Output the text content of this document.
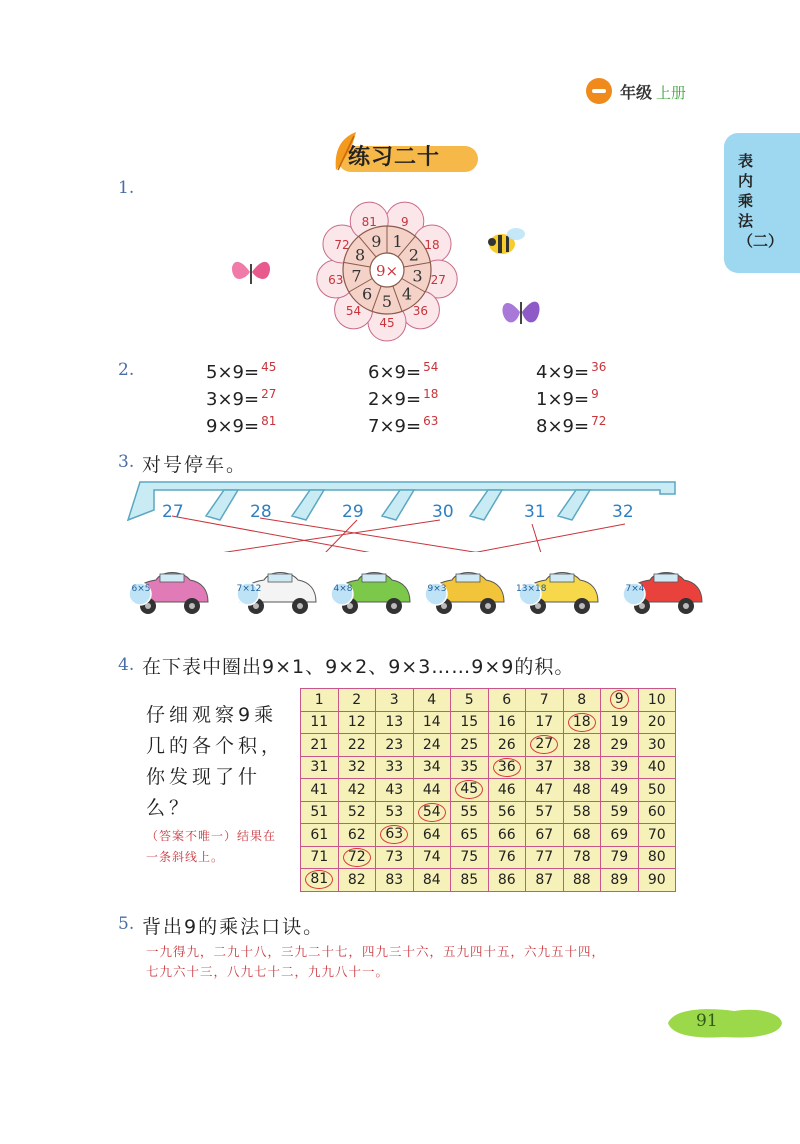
年级 上册
表内乘法（二）
练习二十
1.
9
18
27
36
45
54
63
72
81
1
2
3
4
5
6
7
8
9
9×
2.	5×9= $^{45}$	6×9= $^{54}$	4×9= $^{36}$
3×9= $^{27}$	2×9= $^{18}$	1×9= $^9$
9×9= $^{81}$	7×9= $^{63}$	8×9= $^{72}$
3. 对号停车。
27	28	29	30	31	32
6×5	7×12	4×8	9×3	13×18	7×4
4. 在下表中圈出9×1、9×2、9×3……9×9的积。
仔细观察9乘几的各个积，你发现了什么？
（答案不唯一）结果在一条斜线上。
1	2	3	4	5	6	7	8	9	10
11	12	13	14	15	16	17	18	19	20
21	22	23	24	25	26	27	28	29	30
31	32	33	34	35	36	37	38	39	40
41	42	43	44	45	46	47	48	49	50
51	52	53	54	55	56	57	58	59	60
61	62	63	64	65	66	67	68	69	70
71	72	73	74	75	76	77	78	79	80
81	82	83	84	85	86	87	88	89	90
5. 背出9的乘法口诀。
一九得九，二九十八，三九二十七，四九三十六，五九四十五，六九五十四，
七九六十三，八九七十二，九九八十一。
91
